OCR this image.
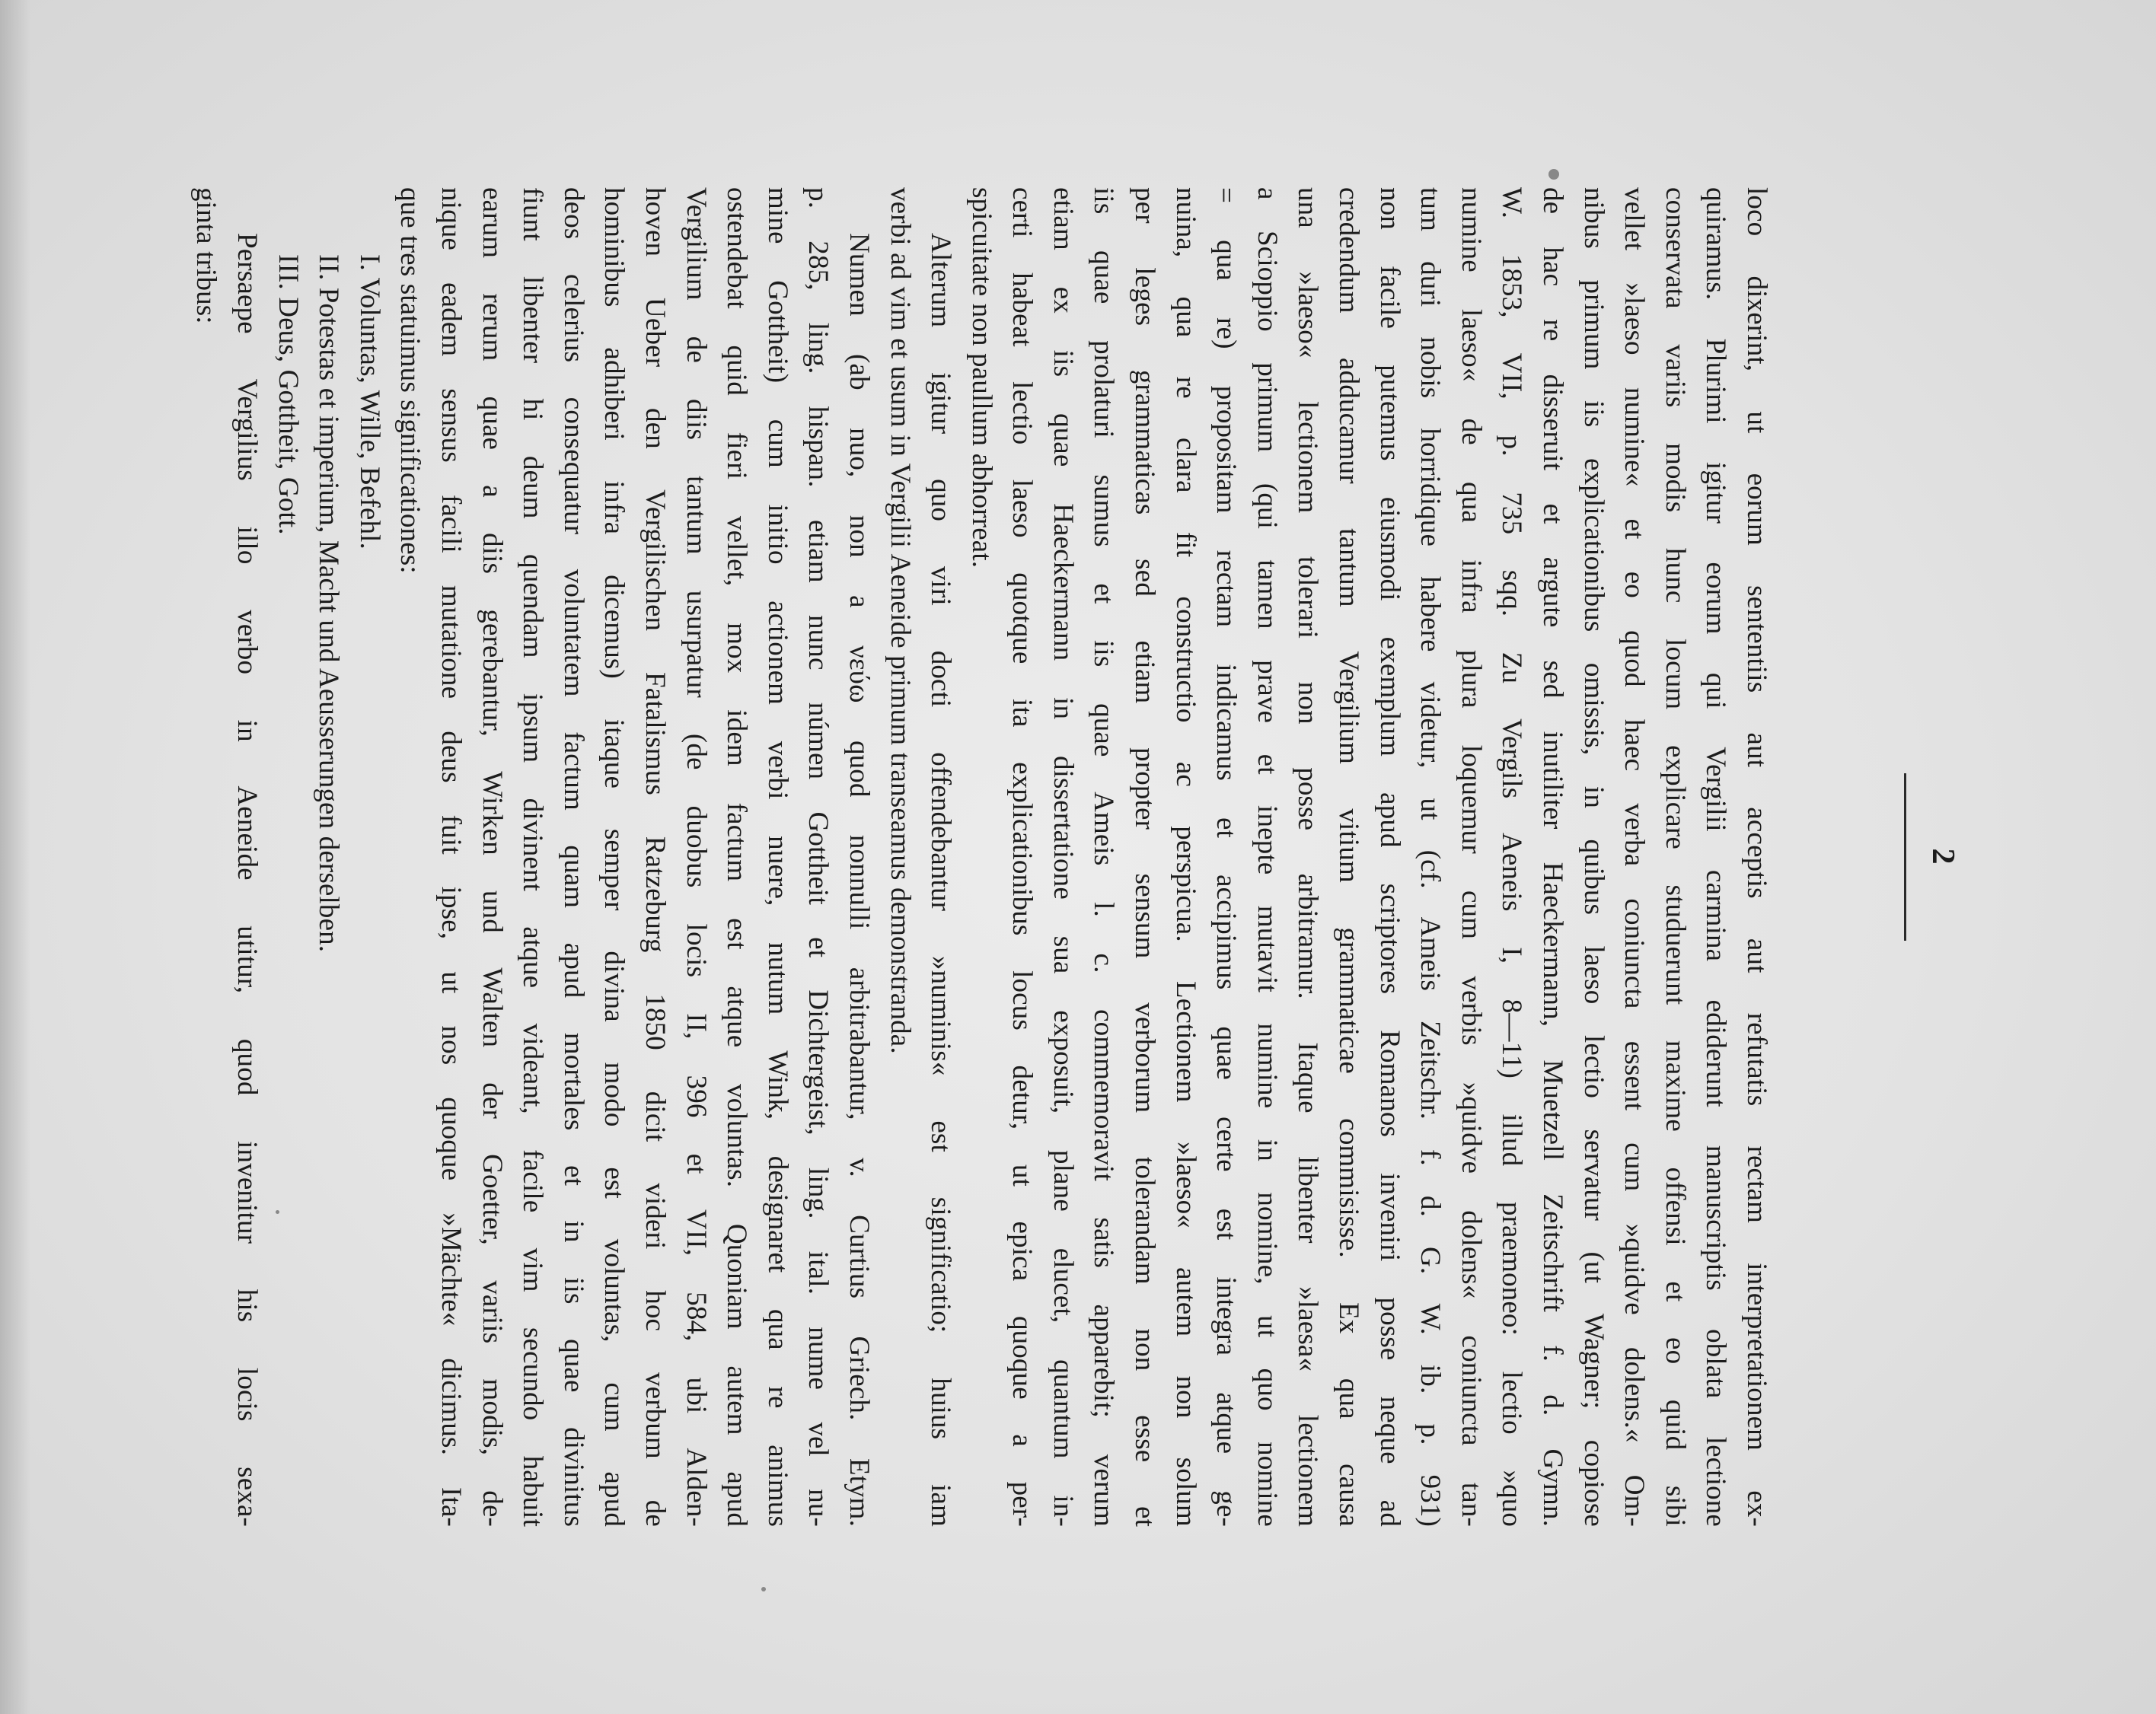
2
loco dixerint, ut eorum sententiis aut acceptis aut refutatis rectam interpretationem ex-
quiramus. Plurimi igitur eorum qui Vergilii carmina ediderunt manuscriptis oblata lectione
conservata variis modis hunc locum explicare studuerunt maxime offensi et eo quid sibi
vellet »laeso numine« et eo quod haec verba coniuncta essent cum »quidve dolens.« Om-
nibus primum iis explicationibus omissis, in quibus laeso lectio servatur (ut Wagner; copiose
de hac re disseruit et argute sed inutiliter Haeckermann, Muetzell Zeitschrift f. d. Gymn.
W. 1853, VII, p. 735 sqq. Zu Vergils Aeneis I, 8—11) illud praemoneo: lectio »quo
numine laeso« de qua infra plura loquemur cum verbis »quidve dolens« coniuncta tan-
tum duri nobis horridique habere videtur, ut (cf. Ameis Zeitschr. f. d. G. W. ib. p. 931)
non facile putemus eiusmodi exemplum apud scriptores Romanos inveniri posse neque ad
credendum adducamur tantum Vergilium vitium grammaticae commisisse. Ex qua causa
una »laeso« lectionem tolerari non posse arbitramur. Itaque libenter »laesa« lectionem
a Scioppio primum (qui tamen prave et inepte mutavit numine in nomine, ut quo nomine
= qua re) propositam rectam indicamus et accipimus quae certe est integra atque ge-
nuina, qua re clara fit constructio ac perspicua. Lectionem »laeso« autem non solum
per leges grammaticas sed etiam propter sensum verborum tolerandam non esse et
iis quae prolaturi sumus et iis quae Ameis l. c. commemoravit satis apparebit; verum
etiam ex iis quae Haeckermann in dissertatione sua exposuit, plane elucet, quantum in-
certi habeat lectio laeso quotque ita explicationibus locus detur, ut epica quoque a per-
spicuitate non paullum abhorreat.
Alterum igitur quo viri docti offendebantur »numinis« est significatio; huius iam
verbi ad vim et usum in Vergilii Aeneide primum transeamus demonstranda.
Numen (ab nuo, non a νεύω quod nonnulli arbitrabantur, v. Curtius Griech. Etym.
p. 285, ling. hispan. etiam nunc númen Gottheit et Dichtergeist, ling. ital. nume vel nu-
mine Gottheit) cum initio actionem verbi nuere, nutum Wink, designaret qua re animus
ostendebat quid fieri vellet, mox idem factum est atque voluntas. Quoniam autem apud
Vergilium de diis tantum usurpatur (de duobus locis II, 396 et VII, 584, ubi Alden-
hoven Ueber den Vergilischen Fatalismus Ratzeburg 1850 dicit videri hoc verbum de
hominibus adhiberi infra dicemus) itaque semper divina modo est voluntas, cum apud
deos celerius consequatur voluntatem factum quam apud mortales et in iis quae divinitus
fiunt libenter hi deum quendam ipsum divinent atque videant, facile vim secundo habuit
earum rerum quae a diis gerebantur, Wirken und Walten der Goetter, variis modis, de-
nique eadem sensus facili mutatione deus fuit ipse, ut nos quoque »Mächte« dicimus. Ita-
que tres statuimus significationes:
I. Voluntas, Wille, Befehl.
II. Potestas et imperium, Macht und Aeusserungen derselben.
III. Deus, Gottheit, Gott.
Persaepe Vergilius illo verbo in Aeneide utitur, quod invenitur his locis sexa-
ginta tribus:
